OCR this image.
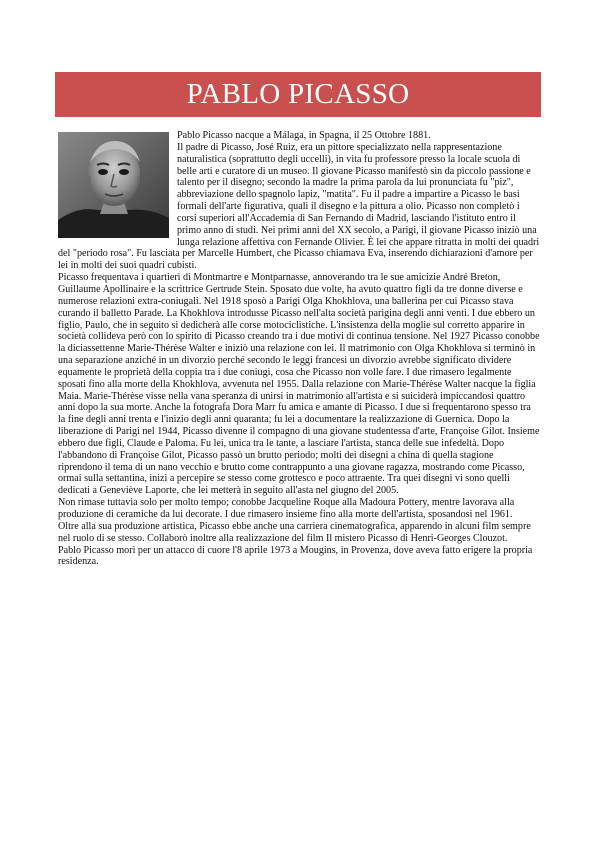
PABLO PICASSO

Pablo Picasso nacque a Málaga, in Spagna, il 25 Ottobre 1881.

Il padre di Picasso, José Ruiz, era un pittore specializzato nella rappresentazione naturalistica (soprattutto degli uccelli), in vita fu professore presso la locale scuola di belle arti e curatore di un museo. Il giovane Picasso manifestò sin da piccolo passione e talento per il disegno; secondo la madre la prima parola da lui pronunciata fu "piz", abbreviazione dello spagnolo lapiz, "matita". Fu il padre a impartire a Picasso le basi formali dell'arte figurativa, quali il disegno e la pittura a olio. Picasso non completò i corsi superiori all'Accademia di San Fernando di Madrid, lasciando l'istituto entro il primo anno di studi. Nei primi anni del XX secolo, a Parigi, il giovane Picasso iniziò una lunga relazione affettiva con Fernande Olivier. È lei che appare ritratta in molti dei quadri del "periodo rosa". Fu lasciata per Marcelle Humbert, che Picasso chiamava Eva, inserendo dichiarazioni d'amore per lei in molti dei suoi quadri cubisti.

Picasso frequentava i quartieri di Montmartre e Montparnasse, annoverando tra le sue amicizie André Breton, Guillaume Apollinaire e la scrittrice Gertrude Stein. Sposato due volte, ha avuto quattro figli da tre donne diverse e numerose relazioni extra-coniugali. Nel 1918 sposò a Parigi Olga Khokhlova, una ballerina per cui Picasso stava curando il balletto Parade. La Khokhlova introdusse Picasso nell'alta società parigina degli anni venti. I due ebbero un figlio, Paulo, che in seguito si dedicherà alle corse motociclistiche. L'insistenza della moglie sul corretto apparire in società collideva però con lo spirito di Picasso creando tra i due motivi di continua tensione. Nel 1927 Picasso conobbe la diciassettenne Marie-Thérèse Walter e iniziò una relazione con lei. Il matrimonio con Olga Khokhlova si terminò in una separazione anziché in un divorzio perché secondo le leggi francesi un divorzio avrebbe significato dividere equamente le proprietà della coppia tra i due coniugi, cosa che Picasso non volle fare. I due rimasero legalmente sposati fino alla morte della Khokhlova, avvenuta nel 1955. Dalla relazione con Marie-Thérèse Walter nacque la figlia Maia. Marie-Thérèse visse nella vana speranza di unirsi in matrimonio all'artista e si suiciderà impiccandosi quattro anni dopo la sua morte. Anche la fotografa Dora Marr fu amica e amante di Picasso. I due si frequentarono spesso tra la fine degli anni trenta e l'inizio degli anni quaranta; fu lei a documentare la realizzazione di Guernica. Dopo la liberazione di Parigi nel 1944, Picasso divenne il compagno di una giovane studentessa d'arte, Françoise Gilot. Insieme ebbero due figli, Claude e Paloma. Fu lei, unica tra le tante, a lasciare l'artista, stanca delle sue infedeltà. Dopo l'abbandono di Françoise Gilot, Picasso passò un brutto periodo; molti dei disegni a china di quella stagione riprendono il tema di un nano vecchio e brutto come contrappunto a una giovane ragazza, mostrando come Picasso, ormai sulla settantina, inizi a percepire se stesso come grottesco e poco attraente. Tra quei disegni vi sono quelli dedicati a Geneviève Laporte, che lei metterà in seguito all'asta nel giugno del 2005.

Non rimase tuttavia solo per molto tempo; conobbe Jacqueline Roque alla Madoura Pottery, mentre lavorava alla produzione di ceramiche da lui decorate. I due rimasero insieme fino alla morte dell'artista, sposandosi nel 1961.

Oltre alla sua produzione artistica, Picasso ebbe anche una carriera cinematografica, apparendo in alcuni film sempre nel ruolo di se stesso. Collaborò inoltre alla realizzazione del film Il mistero Picasso di Henri-Georges Clouzot.

Pablo Picasso morì per un attacco di cuore l'8 aprile 1973 a Mougins, in Provenza, dove aveva fatto erigere la propria residenza.
